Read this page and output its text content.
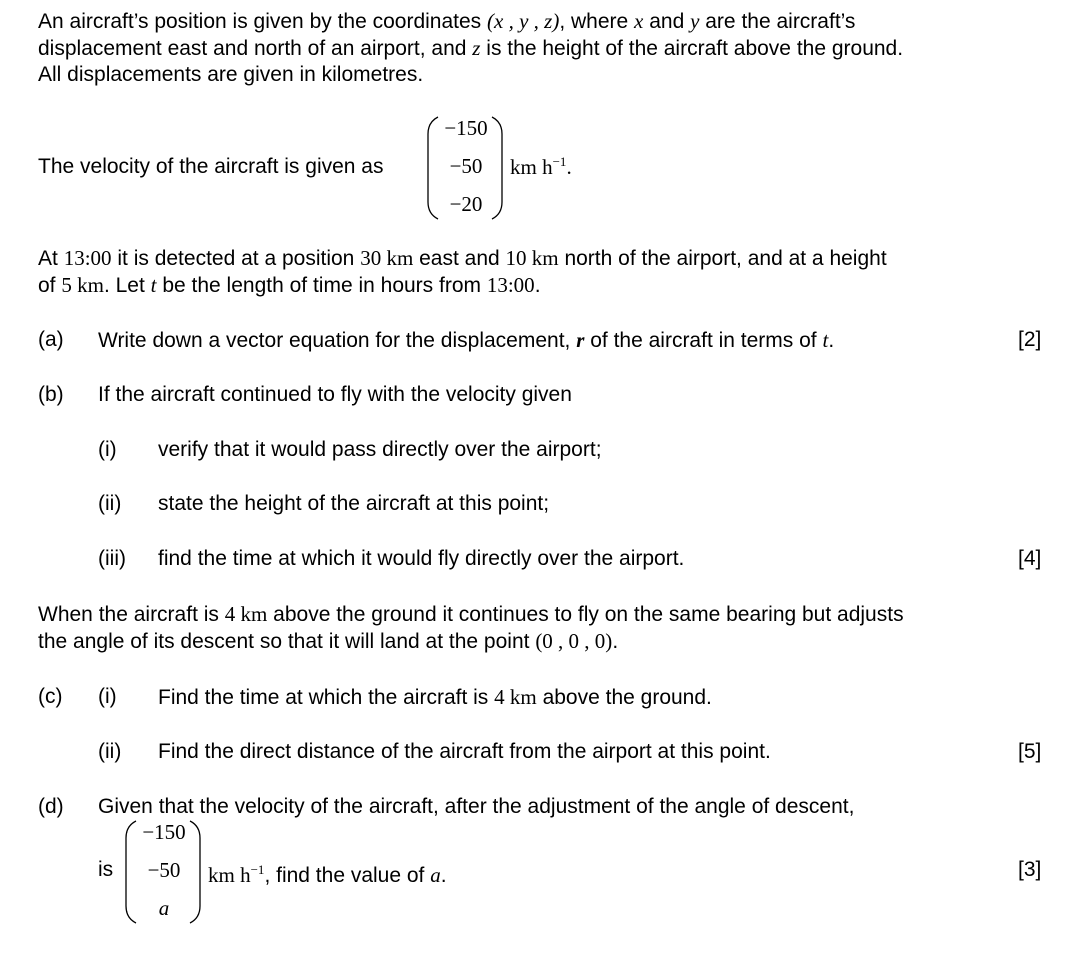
An aircraft’s position is given by the coordinates (x , y , z), where x and y are the aircraft’s
displacement east and north of an airport, and z is the height of the aircraft above the ground.
All displacements are given in kilometres.
The velocity of the aircraft is given as
−150
−50
−20
km $h^{-1}$.
At 13:00 it is detected at a position 30 km east and 10 km north of the airport, and at a height
of 5 km. Let t be the length of time in hours from 13:00.
(a) Write down a vector equation for the displacement, r of the aircraft in terms of t.	[2]
(b) If the aircraft continued to fly with the velocity given
(i) verify that it would pass directly over the airport;
(ii) state the height of the aircraft at this point;
(iii) find the time at which it would fly directly over the airport.	[4]
When the aircraft is 4 km above the ground it continues to fly on the same bearing but adjusts
the angle of its descent so that it will land at the point (0 , 0 , 0).
(c) (i) Find the time at which the aircraft is 4 km above the ground.
(ii) Find the direct distance of the aircraft from the airport at this point.	[5]
(d) Given that the velocity of the aircraft, after the adjustment of the angle of descent,
is
−150
−50
a
km $h^{-1}$, find the value of a.	[3]
